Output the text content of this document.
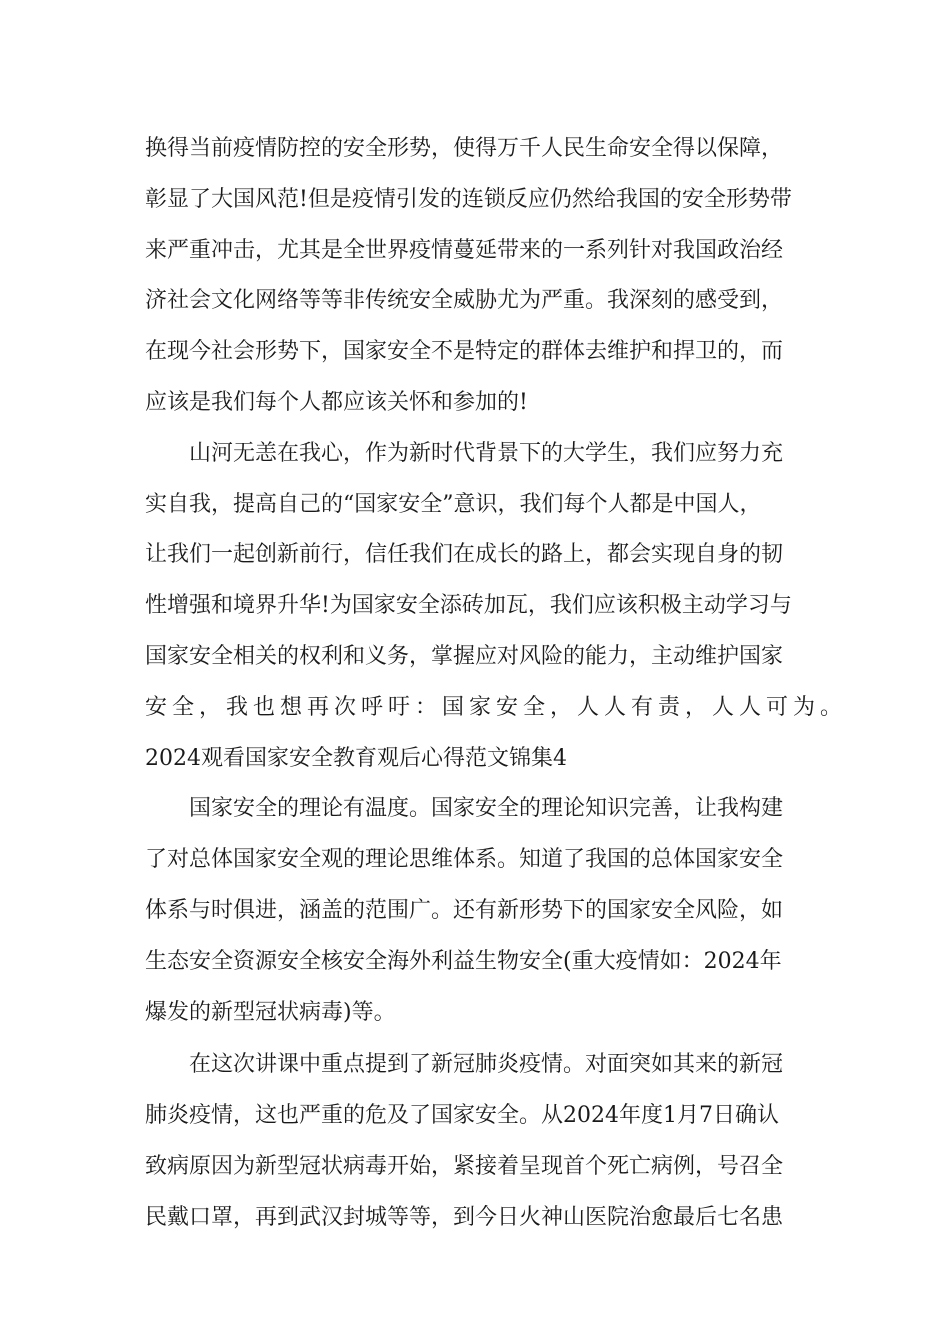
换得当前疫情防控的安全形势，使得万千人民生命安全得以保障，
彰显了大国风范!但是疫情引发的连锁反应仍然给我国的安全形势带
来严重冲击，尤其是全世界疫情蔓延带来的一系列针对我国政治经
济社会文化网络等等非传统安全威胁尤为严重。我深刻的感受到，
在现今社会形势下，国家安全不是特定的群体去维护和捍卫的，而
应该是我们每个人都应该关怀和参加的!
山河无恙在我心，作为新时代背景下的大学生，我们应努力充
实自我，提高自己的“国家安全”意识，我们每个人都是中国人，
让我们一起创新前行，信任我们在成长的路上，都会实现自身的韧
性增强和境界升华!为国家安全添砖加瓦，我们应该积极主动学习与
国家安全相关的权利和义务，掌握应对风险的能力，主动维护国家
安全，我也想再次呼吁：国家安全，人人有责，人人可为。
2024观看国家安全教育观后心得范文锦集4
国家安全的理论有温度。国家安全的理论知识完善，让我构建
了对总体国家安全观的理论思维体系。知道了我国的总体国家安全
体系与时俱进，涵盖的范围广。还有新形势下的国家安全风险，如
生态安全资源安全核安全海外利益生物安全(重大疫情如：2024年
爆发的新型冠状病毒)等。
在这次讲课中重点提到了新冠肺炎疫情。对面突如其来的新冠
肺炎疫情，这也严重的危及了国家安全。从2024年度1月7日确认
致病原因为新型冠状病毒开始，紧接着呈现首个死亡病例，号召全
民戴口罩，再到武汉封城等等，到今日火神山医院治愈最后七名患
